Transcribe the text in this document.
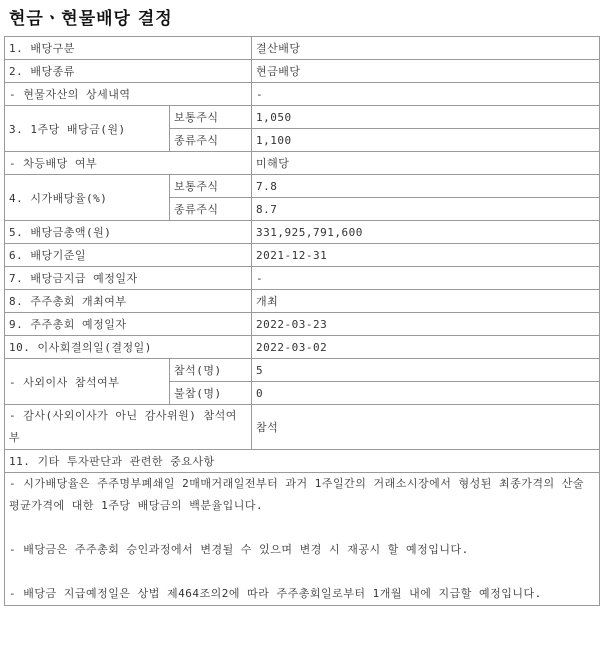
현금ㆍ현물배당 결정
1. 배당구분		결산배당
2. 배당종류		현금배당
- 현물자산의 상세내역		-
3. 1주당 배당금(원)	보통주식	1,050
	종류주식	1,100
- 차등배당 여부		미해당
4. 시가배당율(%)	보통주식	7.8
	종류주식	8.7
5. 배당금총액(원)		331,925,791,600
6. 배당기준일		2021-12-31
7. 배당금지급 예정일자		-
8. 주주총회 개최여부		개최
9. 주주총회 예정일자		2022-03-23
10. 이사회결의일(결정일)		2022-03-02
- 사외이사 참석여부	참석(명)	5
	불참(명)	0
- 감사(사외이사가 아닌 감사위원) 참석여부		참석
11. 기타 투자판단과 관련한 중요사항		

- 시가배당율은 주주명부폐쇄일 2매매거래일전부터 과거 1주일간의 거래소시장에서 형성된 최종가격의 산술평균가격에 대한 1주당 배당금의 백분율입니다.
- 배당금은 주주총회 승인과정에서 변경될 수 있으며 변경 시 재공시 할 예정입니다.
- 배당금 지급예정일은 상법 제464조의2에 따라 주주총회일로부터 1개월 내에 지급할 예정입니다.		
